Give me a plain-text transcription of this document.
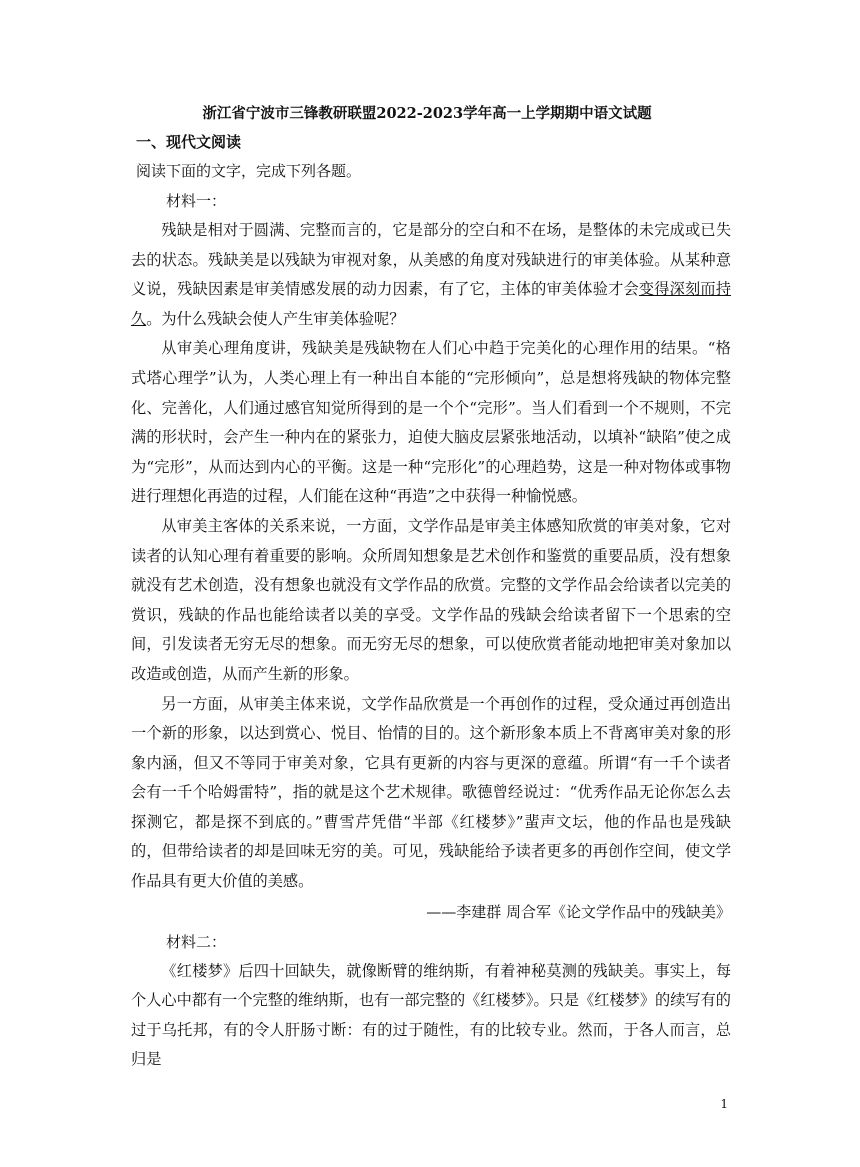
浙江省宁波市三锋教研联盟2022-2023学年高一上学期期中语文试题
一、现代文阅读
阅读下面的文字，完成下列各题。
材料一：

残缺是相对于圆满、完整而言的，它是部分的空白和不在场，是整体的未完成或已失去的状态。残缺美是以残缺为审视对象，从美感的角度对残缺进行的审美体验。从某种意义说，残缺因素是审美情感发展的动力因素，有了它，主体的审美体验才会变得深刻而持久。为什么残缺会使人产生审美体验呢？

从审美心理角度讲，残缺美是残缺物在人们心中趋于完美化的心理作用的结果。“格式塔心理学”认为，人类心理上有一种出自本能的“完形倾向”，总是想将残缺的物体完整化、完善化，人们通过感官知觉所得到的是一个个“完形”。当人们看到一个不规则，不完满的形状时，会产生一种内在的紧张力，迫使大脑皮层紧张地活动，以填补“缺陷”使之成为“完形”，从而达到内心的平衡。这是一种“完形化”的心理趋势，这是一种对物体或事物进行理想化再造的过程，人们能在这种“再造”之中获得一种愉悦感。

从审美主客体的关系来说，一方面，文学作品是审美主体感知欣赏的审美对象，它对读者的认知心理有着重要的影响。众所周知想象是艺术创作和鉴赏的重要品质，没有想象就没有艺术创造，没有想象也就没有文学作品的欣赏。完整的文学作品会给读者以完美的赏识，残缺的作品也能给读者以美的享受。文学作品的残缺会给读者留下一个思索的空间，引发读者无穷无尽的想象。而无穷无尽的想象，可以使欣赏者能动地把审美对象加以改造或创造，从而产生新的形象。

另一方面，从审美主体来说，文学作品欣赏是一个再创作的过程，受众通过再创造出一个新的形象，以达到赏心、悦目、怡情的目的。这个新形象本质上不背离审美对象的形象内涵，但又不等同于审美对象，它具有更新的内容与更深的意蕴。所谓“有一千个读者会有一千个哈姆雷特”，指的就是这个艺术规律。歌德曾经说过：“优秀作品无论你怎么去探测它，都是探不到底的。”曹雪芹凭借“半部《红楼梦》”蜚声文坛，他的作品也是残缺的，但带给读者的却是回味无穷的美。可见，残缺能给予读者更多的再创作空间，使文学作品具有更大价值的美感。

——李建群 周合军《论文学作品中的残缺美》
材料二：

《红楼梦》后四十回缺失，就像断臂的维纳斯，有着神秘莫测的残缺美。事实上，每个人心中都有一个完整的维纳斯，也有一部完整的《红楼梦》。只是《红楼梦》的续写有的过于乌托邦，有的令人肝肠寸断：有的过于随性，有的比较专业。然而，于各人而言，总归是

1
